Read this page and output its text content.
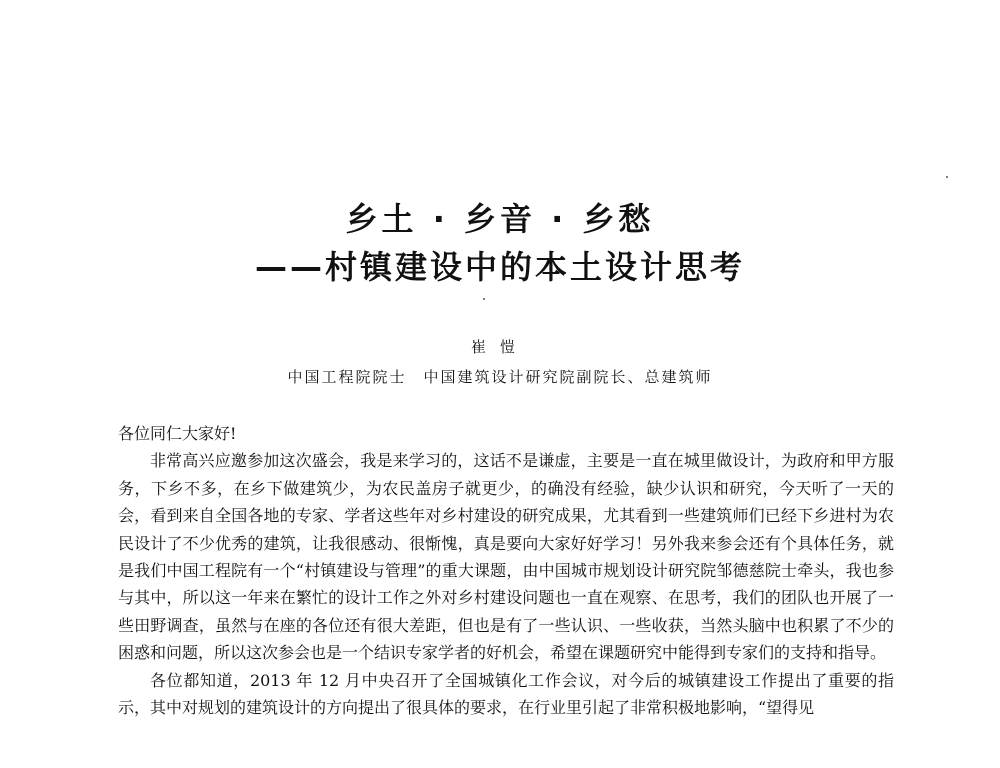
乡土 · 乡音 · 乡愁
——村镇建设中的本土设计思考
崔愷
中国工程院院士　中国建筑设计研究院副院长、总建筑师

各位同仁大家好!

非常高兴应邀参加这次盛会，我是来学习的，这话不是谦虚，主要是一直在城里做设计，为政府和甲方服务，下乡不多，在乡下做建筑少，为农民盖房子就更少，的确没有经验，缺少认识和研究，今天听了一天的会，看到来自全国各地的专家、学者这些年对乡村建设的研究成果，尤其看到一些建筑师们已经下乡进村为农民设计了不少优秀的建筑，让我很感动、很惭愧，真是要向大家好好学习！另外我来参会还有个具体任务，就是我们中国工程院有一个“村镇建设与管理”的重大课题，由中国城市规划设计研究院邹德慈院士牵头，我也参与其中，所以这一年来在繁忙的设计工作之外对乡村建设问题也一直在观察、在思考，我们的团队也开展了一些田野调查，虽然与在座的各位还有很大差距，但也是有了一些认识、一些收获，当然头脑中也积累了不少的困惑和问题，所以这次参会也是一个结识专家学者的好机会，希望在课题研究中能得到专家们的支持和指导。

各位都知道，2013 年 12 月中央召开了全国城镇化工作会议，对今后的城镇建设工作提出了重要的指示，其中对规划的建筑设计的方向提出了很具体的要求，在行业里引起了非常积极地影响，“望得见
